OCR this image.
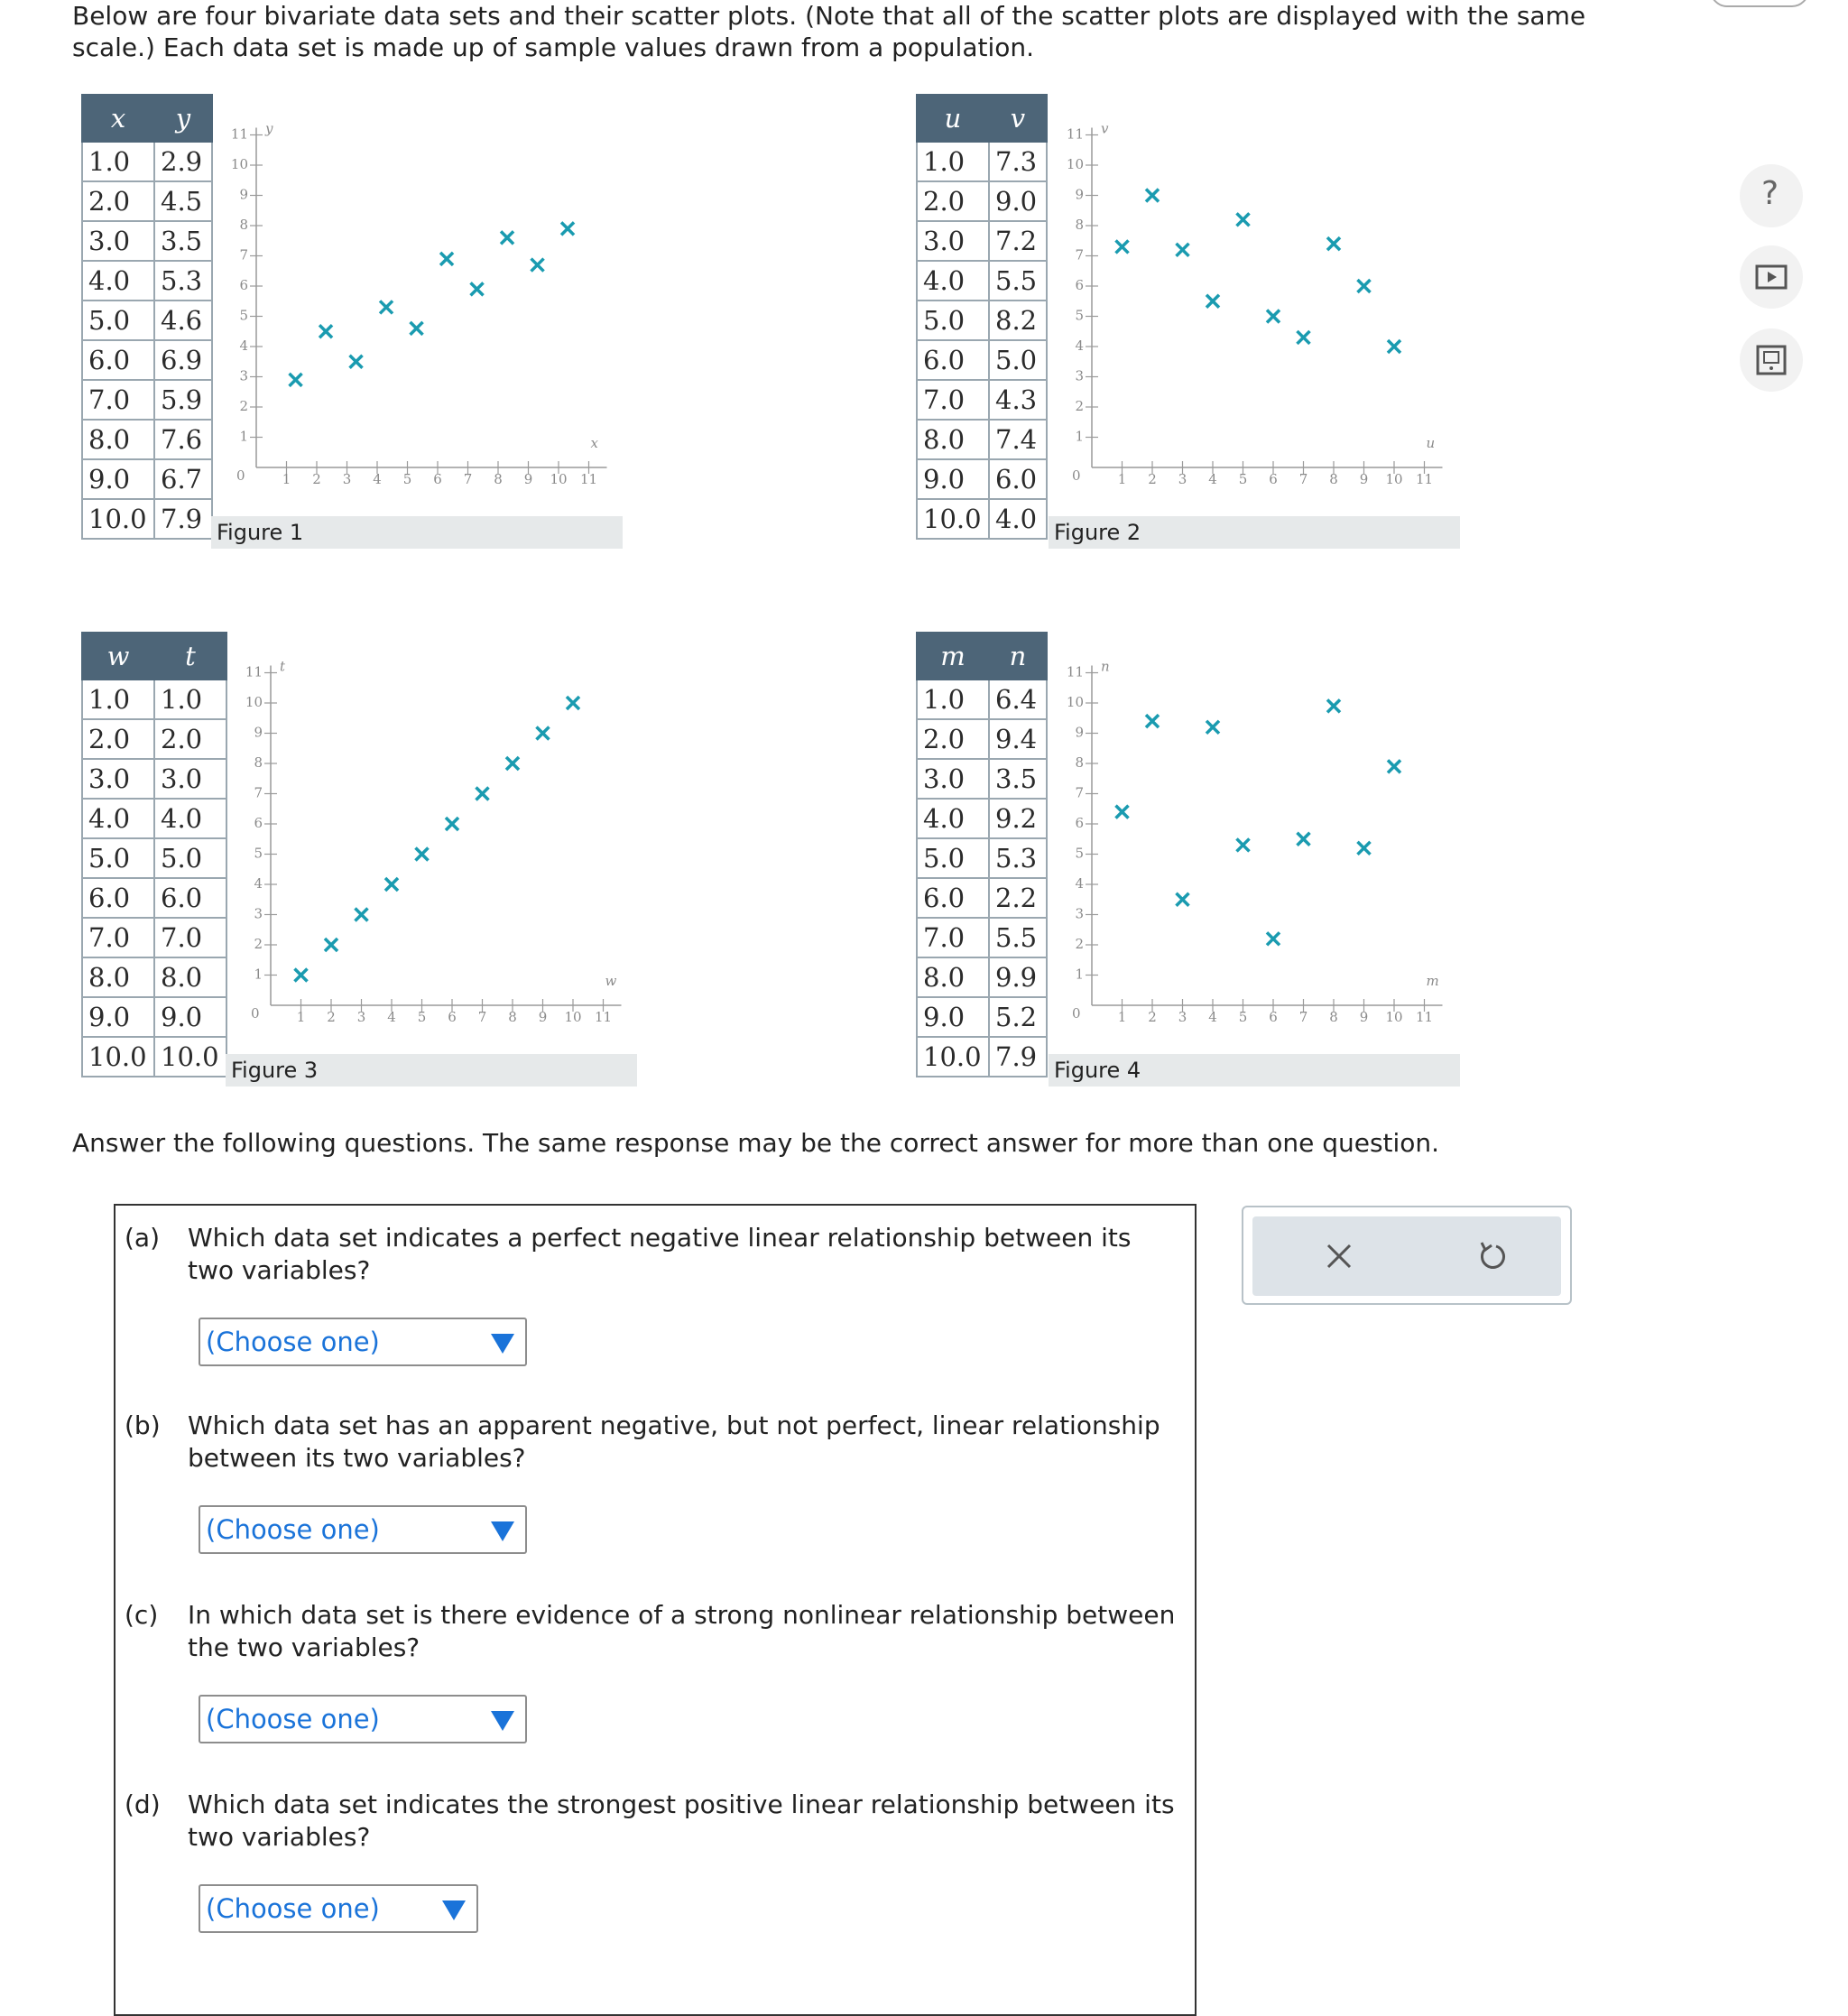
Below are four bivariate data sets and their scatter plots. (Note that all of the scatter plots are displayed with the same scale.) Each data set is made up of sample values drawn from a population.
x	y
1.0	2.9
2.0	4.5
3.0	3.5
4.0	5.3
5.0	4.6
6.0	6.9
7.0	5.9
8.0	7.6
9.0	6.7
10.0	7.9
1
2
3
4
5
6
7
8
9
10
11
1 2 3 4 5 6 7 8 9 10 11
0
x
y
Figure 1
u	v
1.0	7.3
2.0	9.0
3.0	7.2
4.0	5.5
5.0	8.2
6.0	5.0
7.0	4.3
8.0	7.4
9.0	6.0
10.0	4.0
1
2
3
4
5
6
7
8
9
10
11
1 2 3 4 5 6 7 8 9 10 11
0
u
v
Figure 2
w	t
1.0	1.0
2.0	2.0
3.0	3.0
4.0	4.0
5.0	5.0
6.0	6.0
7.0	7.0
8.0	8.0
9.0	9.0
10.0	10.0
1
2
3
4
5
6
7
8
9
10
11
1 2 3 4 5 6 7 8 9 10 11
0
w
t
Figure 3
m	n
1.0	6.4
2.0	9.4
3.0	3.5
4.0	9.2
5.0	5.3
6.0	2.2
7.0	5.5
8.0	9.9
9.0	5.2
10.0	7.9
1
2
3
4
5
6
7
8
9
10
11
1 2 3 4 5 6 7 8 9 10 11
0
m
n
Figure 4
Answer the following questions. The same response may be the correct answer for more than one question.
(a) Which data set indicates a perfect negative linear relationship between its two variables?
(Choose one)
(b) Which data set has an apparent negative, but not perfect, linear relationship between its two variables?
(Choose one)
(c) In which data set is there evidence of a strong nonlinear relationship between the two variables?
(Choose one)
(d) Which data set indicates the strongest positive linear relationship between its two variables?
(Choose one)
?
